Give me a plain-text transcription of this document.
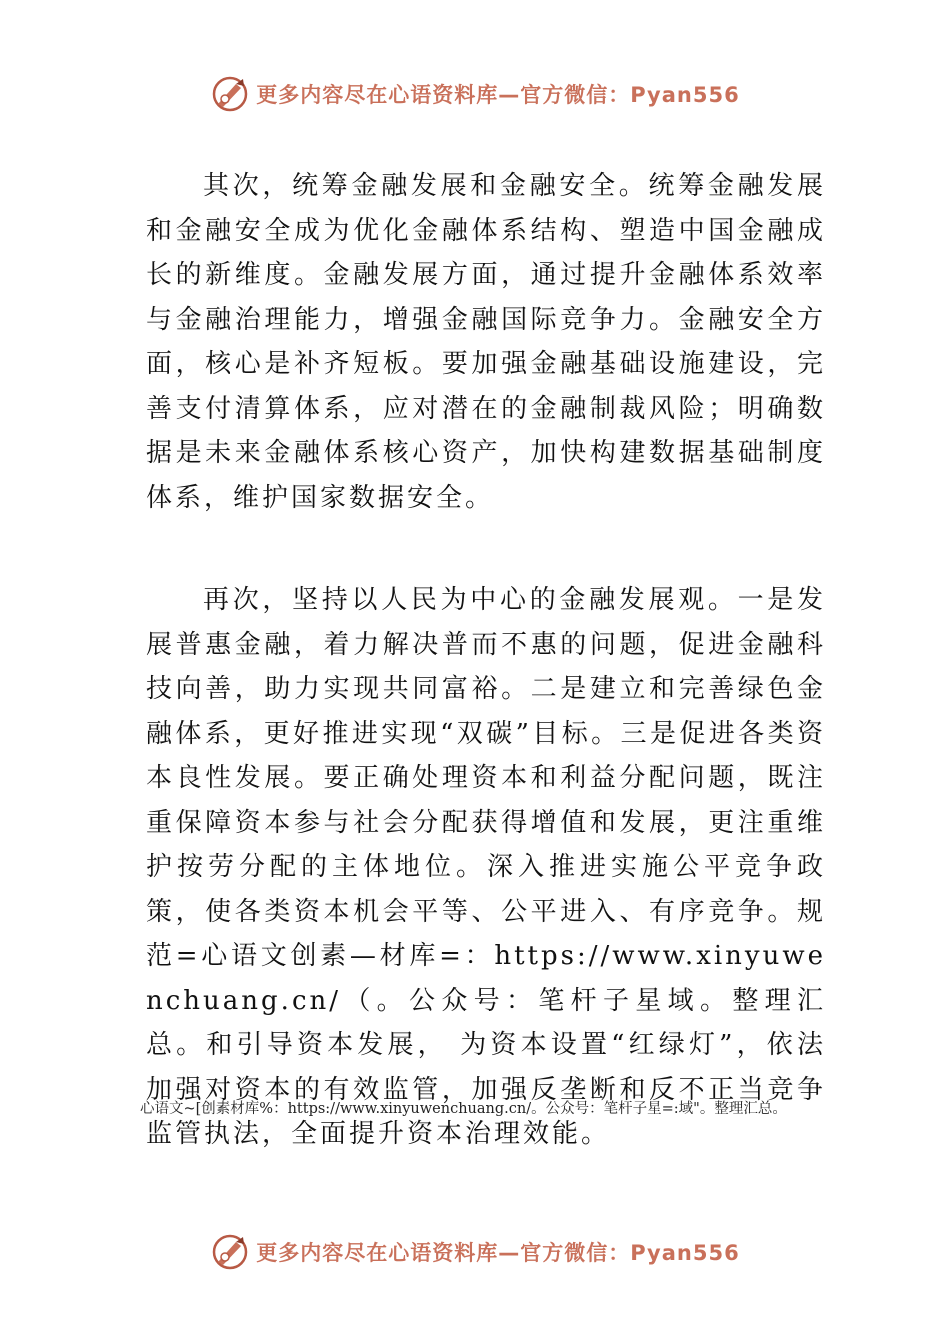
更多内容尽在心语资料库—官方微信：Pyan556

其次，统筹金融发展和金融安全。统筹金融发展和金融安全成为优化金融体系结构、塑造中国金融成长的新维度。金融发展方面，通过提升金融体系效率与金融治理能力，增强金融国际竞争力。金融安全方面，核心是补齐短板。要加强金融基础设施建设，完善支付清算体系，应对潜在的金融制裁风险；明确数据是未来金融体系核心资产，加快构建数据基础制度体系，维护国家数据安全。

再次，坚持以人民为中心的金融发展观。一是发展普惠金融，着力解决普而不惠的问题，促进金融科技向善，助力实现共同富裕。二是建立和完善绿色金融体系，更好推进实现“双碳”目标。三是促进各类资本良性发展。要正确处理资本和利益分配问题，既注重保障资本参与社会分配获得增值和发展，更注重维护按劳分配的主体地位。深入推进实施公平竞争政策，使各类资本机会平等、公平进入、有序竞争。规范=心语文创素—材库=：https://www.xinyuwenchuang.cn/（。公众号：笔杆子星域。整理汇总。和引导资本发展， 为资本设置“红绿灯”，依法加强对资本的有效监管，加强反垄断和反不正当竞争监管执法，全面提升资本治理效能。

心语文~[创素材库%：https://www.xinyuwenchuang.cn/。公众号：笔杆子星=:域"。整理汇总。
更多内容尽在心语资料库—官方微信：Pyan556
